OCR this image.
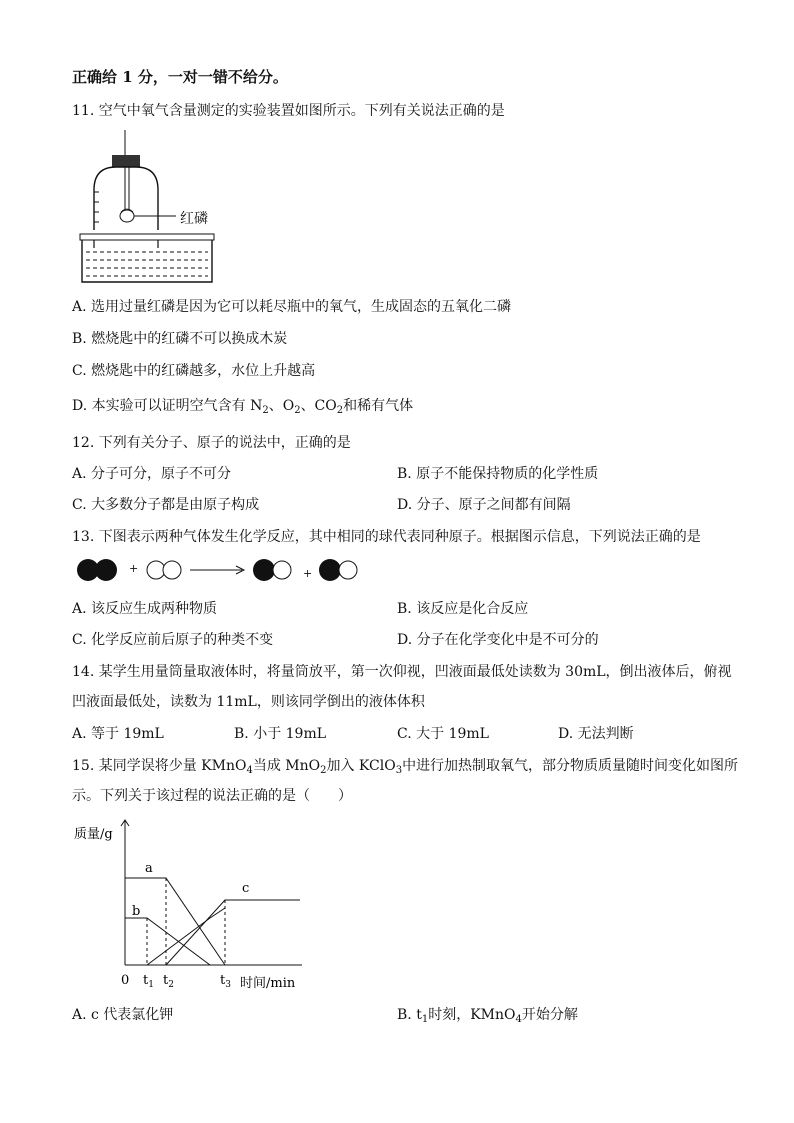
正确给 1 分，一对一错不给分。
11. 空气中氧气含量测定的实验装置如图所示。下列有关说法正确的是
红磷
A. 选用过量红磷是因为它可以耗尽瓶中的氧气，生成固态的五氧化二磷
B. 燃烧匙中的红磷不可以换成木炭
C. 燃烧匙中的红磷越多，水位上升越高
D. 本实验可以证明空气含有 $N_2$、$O_2$、$CO_2$和稀有气体
12. 下列有关分子、原子的说法中，正确的是
A. 分子可分，原子不可分	B. 原子不能保持物质的化学性质
C. 大多数分子都是由原子构成	D. 分子、原子之间都有间隔
13. 下图表示两种气体发生化学反应，其中相同的球代表同种原子。根据图示信息，下列说法正确的是
+	+
A. 该反应生成两种物质	B. 该反应是化合反应
C. 化学反应前后原子的种类不变	D. 分子在化学变化中是不可分的
14. 某学生用量筒量取液体时，将量筒放平，第一次仰视，凹液面最低处读数为 30mL，倒出液体后，俯视
凹液面最低处，读数为 11mL，则该同学倒出的液体体积
A. 等于 19mL	B. 小于 19mL	C. 大于 19mL	D. 无法判断
15. 某同学误将少量 KMnO$_4$当成 MnO$_2$加入 KClO$_3$中进行加热制取氧气，部分物质质量随时间变化如图所
示。下列关于该过程的说法正确的是（　　）
质量/g
a
b
c
0 $t_1$ $t_2$	$t_3$ 时间/min
A. c 代表氯化钾	B. $t_1$时刻，KMnO$_4$开始分解
